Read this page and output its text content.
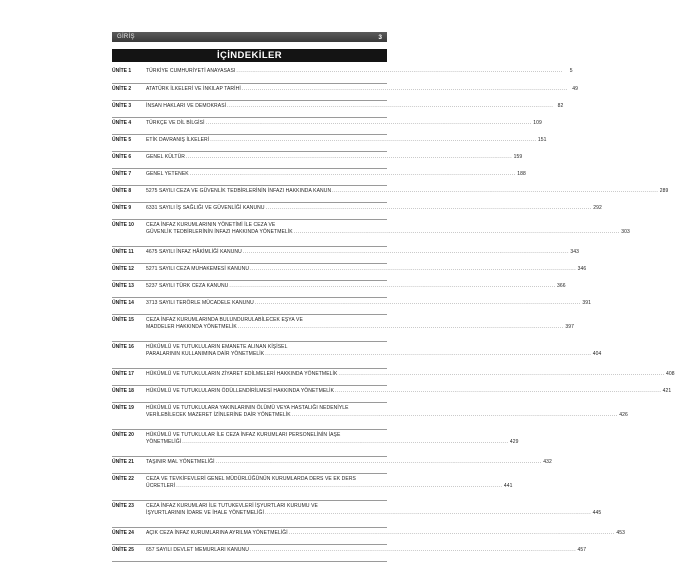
GİRİŞ	3
İÇİNDEKİLER
ÜNİTE 1	TÜRKİYE CUMHURİYETİ ANAYASASI .....	5
ÜNİTE 2	ATATÜRK İLKELERİ VE İNKILAP TARİHİ .....	49
ÜNİTE 3	İNSAN HAKLARI VE DEMOKRASİ .....	82
ÜNİTE 4	TÜRKÇE VE DİL BİLGİSİ .....	109
ÜNİTE 5	ETİK DAVRANIŞ İLKELERİ .....	151
ÜNİTE 6	GENEL KÜLTÜR .....	159
ÜNİTE 7	GENEL YETENEK .....	188
ÜNİTE 8	5275 SAYILI CEZA VE GÜVENLİK TEDBİRLERİNİN İNFAZI HAKKINDA KANUN .....	289
ÜNİTE 9	6331 SAYILI İŞ SAĞLIĞI VE GÜVENLİĞİ KANUNU .....	292
ÜNİTE 10	CEZA İNFAZ KURUMLARININ YÖNETİMİ İLE CEZA VE
GÜVENLİK TEDBİRLERİNİN İNFAZI HAKKINDA YÖNETMELİK .....	303
ÜNİTE 11	4675 SAYILI İNFAZ HÂKİMLİĞİ KANUNU .....	343
ÜNİTE 12	5271 SAYILI CEZA MUHAKEMESİ KANUNU .....	346
ÜNİTE 13	5237 SAYILI TÜRK CEZA KANUNU .....	366
ÜNİTE 14	3713 SAYILI TERÖRLE MÜCADELE KANUNU .....	391
ÜNİTE 15	CEZA İNFAZ KURUMLARINDA BULUNDURULABİLECEK EŞYA VE
MADDELER HAKKINDA YÖNETMELİK .....	397
ÜNİTE 16	HÜKÜMLÜ VE TUTUKLULARIN EMANETE ALINAN KİŞİSEL
PARALARININ KULLANIMINA DAİR YÖNETMELİK .....	404
ÜNİTE 17	HÜKÜMLÜ VE TUTUKLULARIN ZİYARET EDİLMELERİ HAKKINDA YÖNETMELİK .....	408
ÜNİTE 18	HÜKÜMLÜ VE TUTUKLULARIN ÖDÜLLENDİRİLMESİ HAKKINDA YÖNETMELİK .....	421
ÜNİTE 19	HÜKÜMLÜ VE TUTUKLULARA YAKINLARININ ÖLÜMÜ VEYA HASTALIĞI NEDENİYLE
VERİLEBİLECEK MAZERET İZİNLERİNE DAİR YÖNETMELİK .....	426
ÜNİTE 20	HÜKÜMLÜ VE TUTUKLULAR İLE CEZA İNFAZ KURUMLARI PERSONELİNİN İAŞE
YÖNETMELİĞİ .....	429
ÜNİTE 21	TAŞINIR MAL YÖNETMELİĞİ .....	432
ÜNİTE 22	CEZA VE TEVKİFEVLERİ GENEL MÜDÜRLÜĞÜNÜN KURUMLARDA DERS VE EK DERS
ÜCRETLERİ .....	441
ÜNİTE 23	CEZA İNFAZ KURUMLARI İLE TUTUKEVLERİ İŞYURTLARI KURUMU VE
İŞYURTLARININ İDARE VE İHALE YÖNETMELİĞİ .....	445
ÜNİTE 24	AÇIK CEZA İNFAZ KURUMLARINA AYRILMA YÖNETMELİĞİ .....	453
ÜNİTE 25	657 SAYILI DEVLET MEMURLARI KANUNU .....	457
